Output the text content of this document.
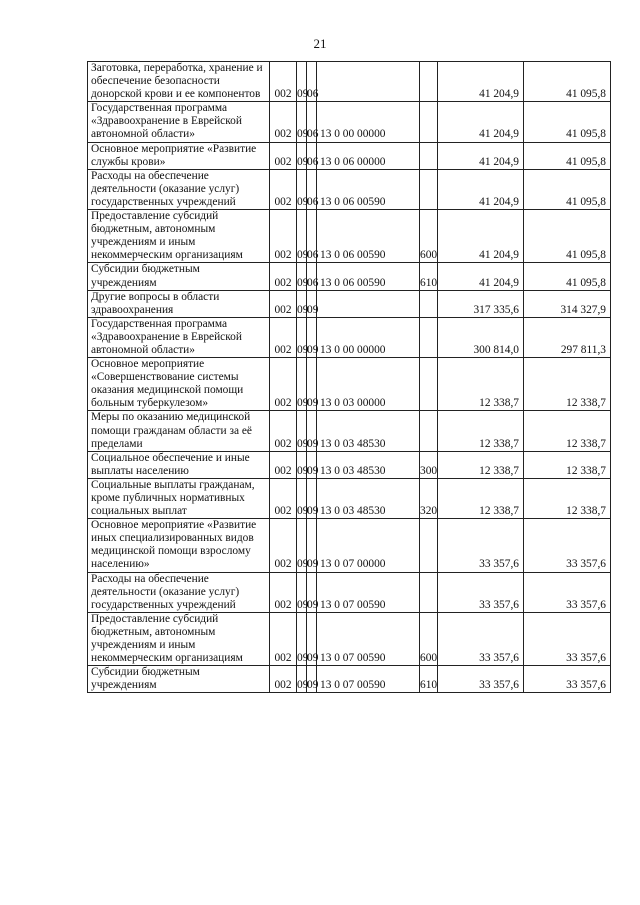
21
Заготовка, переработка, хранение и обеспечение безопасности донорской крови и ее компонентов	002	09	06			41 204,9	41 095,8
Государственная программа «Здравоохранение в Еврейской автономной области»	002	09	06	13 0 00 00000		41 204,9	41 095,8
Основное мероприятие «Развитие службы крови»	002	09	06	13 0 06 00000		41 204,9	41 095,8
Расходы на обеспечение деятельности (оказание услуг) государственных учреждений	002	09	06	13 0 06 00590		41 204,9	41 095,8
Предоставление субсидий бюджетным, автономным учреждениям и иным некоммерческим организациям	002	09	06	13 0 06 00590	600	41 204,9	41 095,8
Субсидии бюджетным учреждениям	002	09	06	13 0 06 00590	610	41 204,9	41 095,8
Другие вопросы в области здравоохранения	002	09	09			317 335,6	314 327,9
Государственная программа «Здравоохранение в Еврейской автономной области»	002	09	09	13 0 00 00000		300 814,0	297 811,3
Основное мероприятие «Совершенствование системы оказания медицинской помощи больным туберкулезом»	002	09	09	13 0 03 00000		12 338,7	12 338,7
Меры по оказанию медицинской помощи гражданам области за её пределами	002	09	09	13 0 03 48530		12 338,7	12 338,7
Социальное обеспечение и иные выплаты населению	002	09	09	13 0 03 48530	300	12 338,7	12 338,7
Социальные выплаты гражданам, кроме публичных нормативных социальных выплат	002	09	09	13 0 03 48530	320	12 338,7	12 338,7
Основное мероприятие «Развитие иных специализированных видов медицинской помощи взрослому населению»	002	09	09	13 0 07 00000		33 357,6	33 357,6
Расходы на обеспечение деятельности (оказание услуг) государственных учреждений	002	09	09	13 0 07 00590		33 357,6	33 357,6
Предоставление субсидий бюджетным, автономным учреждениям и иным некоммерческим организациям	002	09	09	13 0 07 00590	600	33 357,6	33 357,6
Субсидии бюджетным учреждениям	002	09	09	13 0 07 00590	610	33 357,6	33 357,6
